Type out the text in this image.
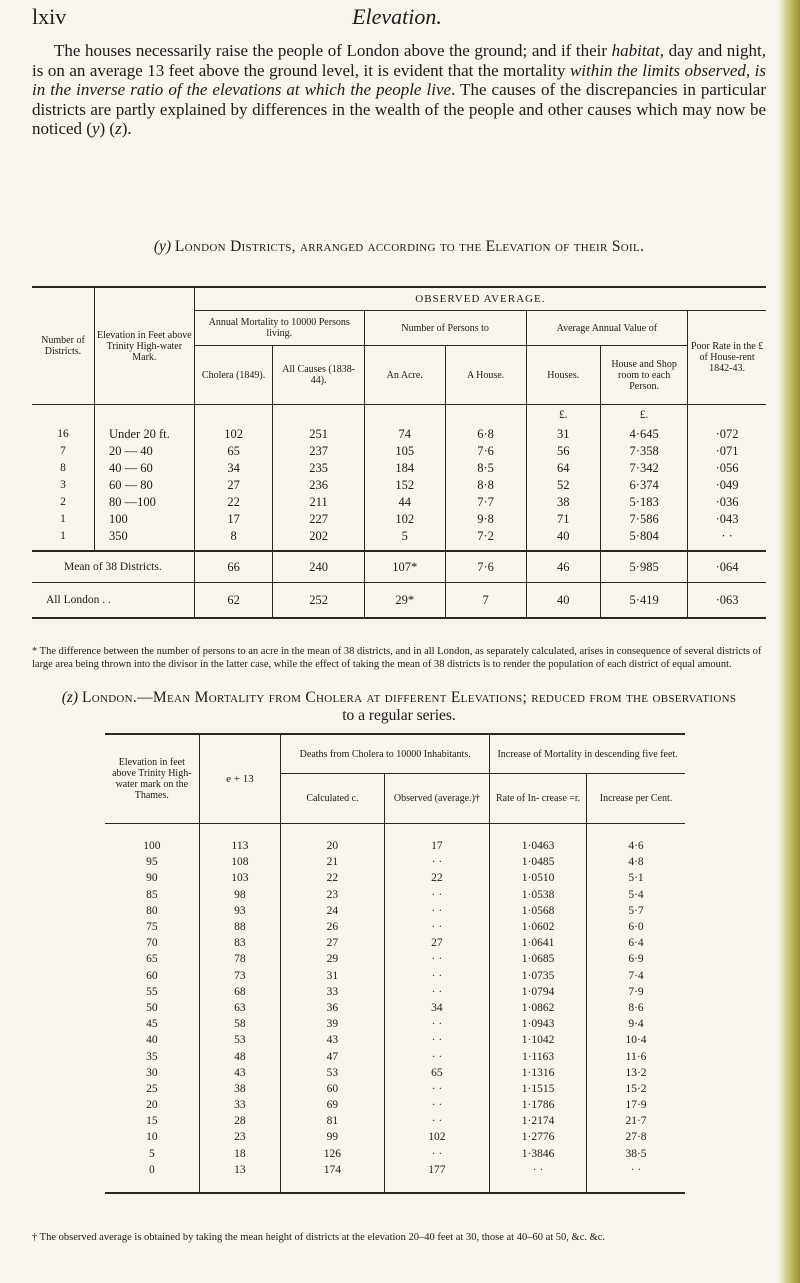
lxiv	Elevation.

The houses necessarily raise the people of London above the ground; and if their habitat, day and night, is on an average 13 feet above the ground level, it is evident that the mortality within the limits observed, is in the inverse ratio of the elevations at which the people live. The causes of the discrepancies in particular districts are partly explained by differences in the wealth of the people and other causes which may now be noticed (y) (z).

(y) London Districts, arranged according to the Elevation of their Soil.
Number of Districts.	Elevation in Feet above Trinity High-water Mark.	OBSERVED AVERAGE.						
		Annual Mortality to 10000 Persons living.		Number of Persons to		Average Annual Value of		Poor Rate in the £ of House-rent 1842-43.
		Cholera (1849).	All Causes (1838-44).	An Acre.	A House.	Houses.	House and Shop room to each Person.	
						£.	£.	
16	Under 20 ft.	102	251	74	6·8	31	4·645	·072
7	20 — 40	65	237	105	7·6	56	7·358	·071
8	40 — 60	34	235	184	8·5	64	7·342	·056
3	60 — 80	27	236	152	8·8	52	6·374	·049
2	80 —100	22	211	44	7·7	38	5·183	·036
1	100	17	227	102	9·8	71	7·586	·043
1	350	8	202	5	7·2	40	5·804	· ·

Mean of 38 Districts.		66	240	107*	7·6	46	5·985	·064
All London . .		62	252	29*	7	40	5·419	·063
* The difference between the number of persons to an acre in the mean of 38 districts, and in all London, as separately calculated, arises in consequence of several districts of large area being thrown into the divisor in the latter case, while the effect of taking the mean of 38 districts is to render the population of each district of equal amount.
(z) London.—Mean Mortality from Cholera at different Elevations; reduced from the observations
to a regular series.
Elevation in feet above Trinity High-water mark on the Thames.	e + 13	Deaths from Cholera to 10000 Inhabitants.		Increase of Mortality in descending five feet.	
		Calculated c.	Observed (average.)†	Rate of In- crease =r.	Increase per Cent.

100	113	20	17	1·0463	4·6
95	108	21	· ·	1·0485	4·8
90	103	22	22	1·0510	5·1
85	98	23	· ·	1·0538	5·4
80	93	24	· ·	1·0568	5·7
75	88	26	· ·	1·0602	6·0
70	83	27	27	1·0641	6·4
65	78	29	· ·	1·0685	6·9
60	73	31	· ·	1·0735	7·4
55	68	33	· ·	1·0794	7·9
50	63	36	34	1·0862	8·6
45	58	39	· ·	1·0943	9·4
40	53	43	· ·	1·1042	10·4
35	48	47	· ·	1·1163	11·6
30	43	53	65	1·1316	13·2
25	38	60	· ·	1·1515	15·2
20	33	69	· ·	1·1786	17·9
15	28	81	· ·	1·2174	21·7
10	23	99	102	1·2776	27·8
5	18	126	· ·	1·3846	38·5
0	13	174	177	· ·	· ·

† The observed average is obtained by taking the mean height of districts at the elevation 20–40 feet at 30, those at 40–60 at 50, &c. &c.
